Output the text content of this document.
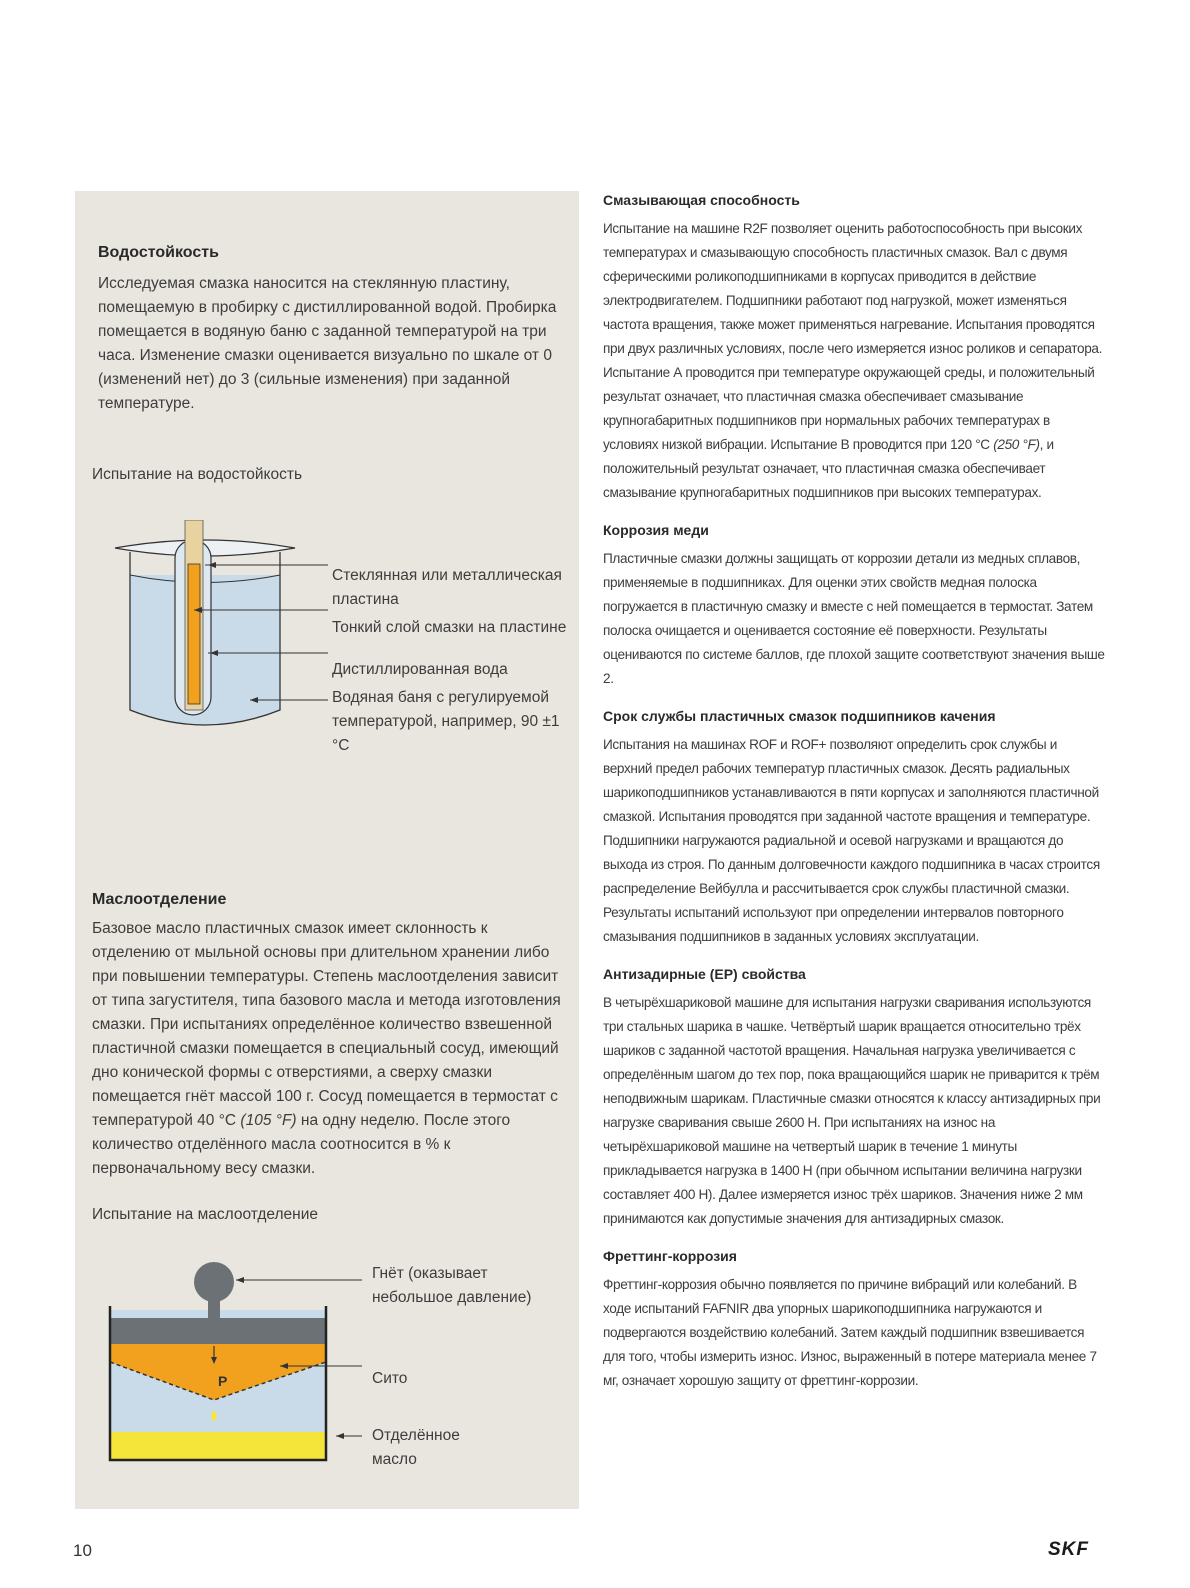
Водостойкость
Исследуемая смазка наносится на стеклянную пластину, помещаемую в пробирку с дистиллированной водой. Пробирка помещается в водяную баню с заданной температурой на три часа. Изменение смазки оценивается визуально по шкале от 0 (изменений нет) до 3 (сильные изменения) при заданной температуре.
Испытание на водостойкость
Стеклянная или металлическая пластина
Тонкий слой смазки на пластине
Дистиллированная вода
Водяная баня с регулируемой температурой, например, 90 ±1 °C
Маслоотделение
Базовое масло пластичных смазок имеет склонность к отделению от мыльной основы при длительном хранении либо при повышении температуры. Степень маслоотделения зависит от типа загустителя, типа базового масла и метода изготовления смазки. При испытаниях определённое количество взвешенной пластичной смазки помещается в специальный сосуд, имеющий дно конической формы с отверстиями, а сверху смазки помещается гнёт массой 100 г. Сосуд помещается в термостат с температурой 40 °C (105 °F) на одну неделю. После этого количество отделённого масла соотносится в % к первоначальному весу смазки.
Испытание на маслоотделение
P
Гнёт (оказывает небольшое давление)
Сито
Отделённое масло
Смазывающая способность
Испытание на машине R2F позволяет оценить работоспособность при высоких температурах и смазывающую способность пластичных смазок. Вал с двумя сферическими роликоподшипниками в корпусах приводится в действие электродвигателем. Подшипники работают под нагрузкой, может изменяться частота вращения, также может применяться нагревание. Испытания проводятся при двух различных условиях, после чего измеряется износ роликов и сепаратора. Испытание А проводится при температуре окружающей среды, и положительный результат означает, что пластичная смазка обеспечивает смазывание крупногабаритных подшипников при нормальных рабочих температурах в условиях низкой вибрации. Испытание В проводится при 120 °C (250 °F), и положительный результат означает, что пластичная смазка обеспечивает смазывание крупногабаритных подшипников при высоких температурах.
Коррозия меди
Пластичные смазки должны защищать от коррозии детали из медных сплавов, применяемые в подшипниках. Для оценки этих свойств медная полоска погружается в пластичную смазку и вместе с ней помещается в термостат. Затем полоска очищается и оценивается состояние её поверхности. Результаты оцениваются по системе баллов, где плохой защите соответствуют значения выше 2.
Срок службы пластичных смазок подшипников качения
Испытания на машинах ROF и ROF+ позволяют определить срок службы и верхний предел рабочих температур пластичных смазок. Десять радиальных шарикоподшипников устанавливаются в пяти корпусах и заполняются пластичной смазкой. Испытания проводятся при заданной частоте вращения и температуре. Подшипники нагружаются радиальной и осевой нагрузками и вращаются до выхода из строя. По данным долговечности каждого подшипника в часах строится распределение Вейбулла и рассчитывается срок службы пластичной смазки. Результаты испытаний используют при определении интервалов повторного смазывания подшипников в заданных условиях эксплуатации.
Антизадирные (EP) свойства
В четырёхшариковой машине для испытания нагрузки сваривания используются три стальных шарика в чашке. Четвёртый шарик вращается относительно трёх шариков с заданной частотой вращения. Начальная нагрузка увеличивается с определённым шагом до тех пор, пока вращающийся шарик не приварится к трём неподвижным шарикам. Пластичные смазки относятся к классу антизадирных при нагрузке сваривания свыше 2600 Н. При испытаниях на износ на четырёхшариковой машине на четвертый шарик в течение 1 минуты прикладывается нагрузка в 1400 Н (при обычном испытании величина нагрузки составляет 400 Н). Далее измеряется износ трёх шариков. Значения ниже 2 мм принимаются как допустимые значения для антизадирных смазок.
Фреттинг-коррозия
Фреттинг-коррозия обычно появляется по причине вибраций или колебаний. В ходе испытаний FAFNIR два упорных шарикоподшипника нагружаются и подвергаются воздействию колебаний. Затем каждый подшипник взвешивается для того, чтобы измерить износ. Износ, выраженный в потере материала менее 7 мг, означает хорошую защиту от фреттинг-коррозии.
10	SKF
